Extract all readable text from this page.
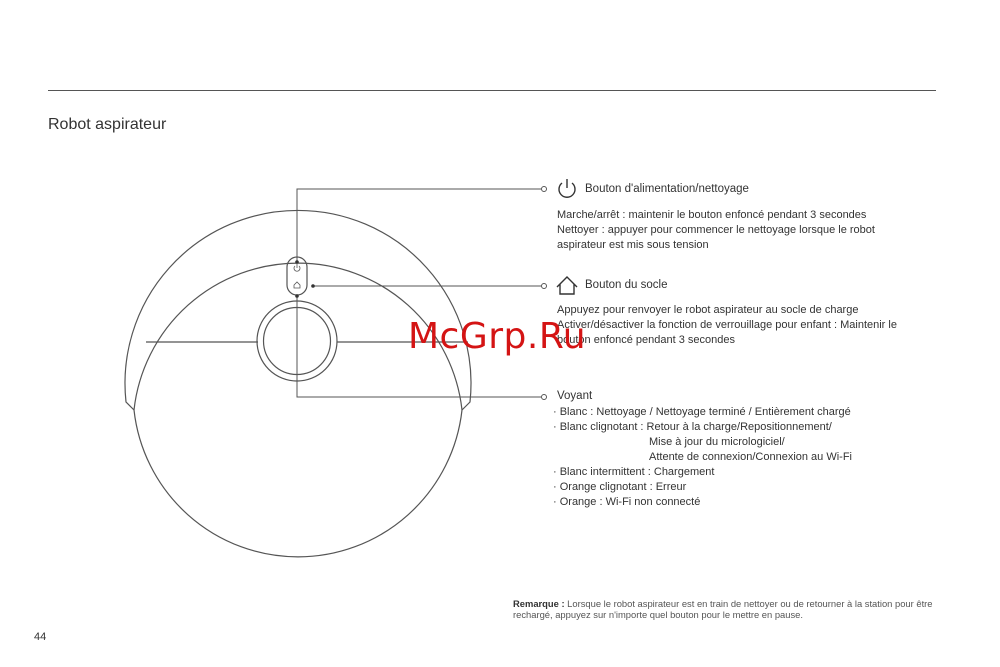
Robot aspirateur
Bouton d'alimentation/nettoyage
Marche/arrêt : maintenir le bouton enfoncé pendant 3 secondes
Nettoyer : appuyer pour commencer le nettoyage lorsque le robot
aspirateur est mis sous tension
Bouton du socle
Appuyez pour renvoyer le robot aspirateur au socle de charge
Activer/désactiver la fonction de verrouillage pour enfant : Maintenir le
bouton enfoncé pendant 3 secondes
Voyant
· Blanc : Nettoyage / Nettoyage terminé / Entièrement chargé
· Blanc clignotant : Retour à la charge/Repositionnement/
Mise à jour du micrologiciel/
Attente de connexion/Connexion au Wi-Fi
· Blanc intermittent : Chargement
· Orange clignotant : Erreur
· Orange : Wi-Fi non connecté
McGrp.Ru
Remarque : Lorsque le robot aspirateur est en train de nettoyer ou de retourner à la station pour être rechargé, appuyez sur n'importe quel bouton pour le mettre en pause.
44
